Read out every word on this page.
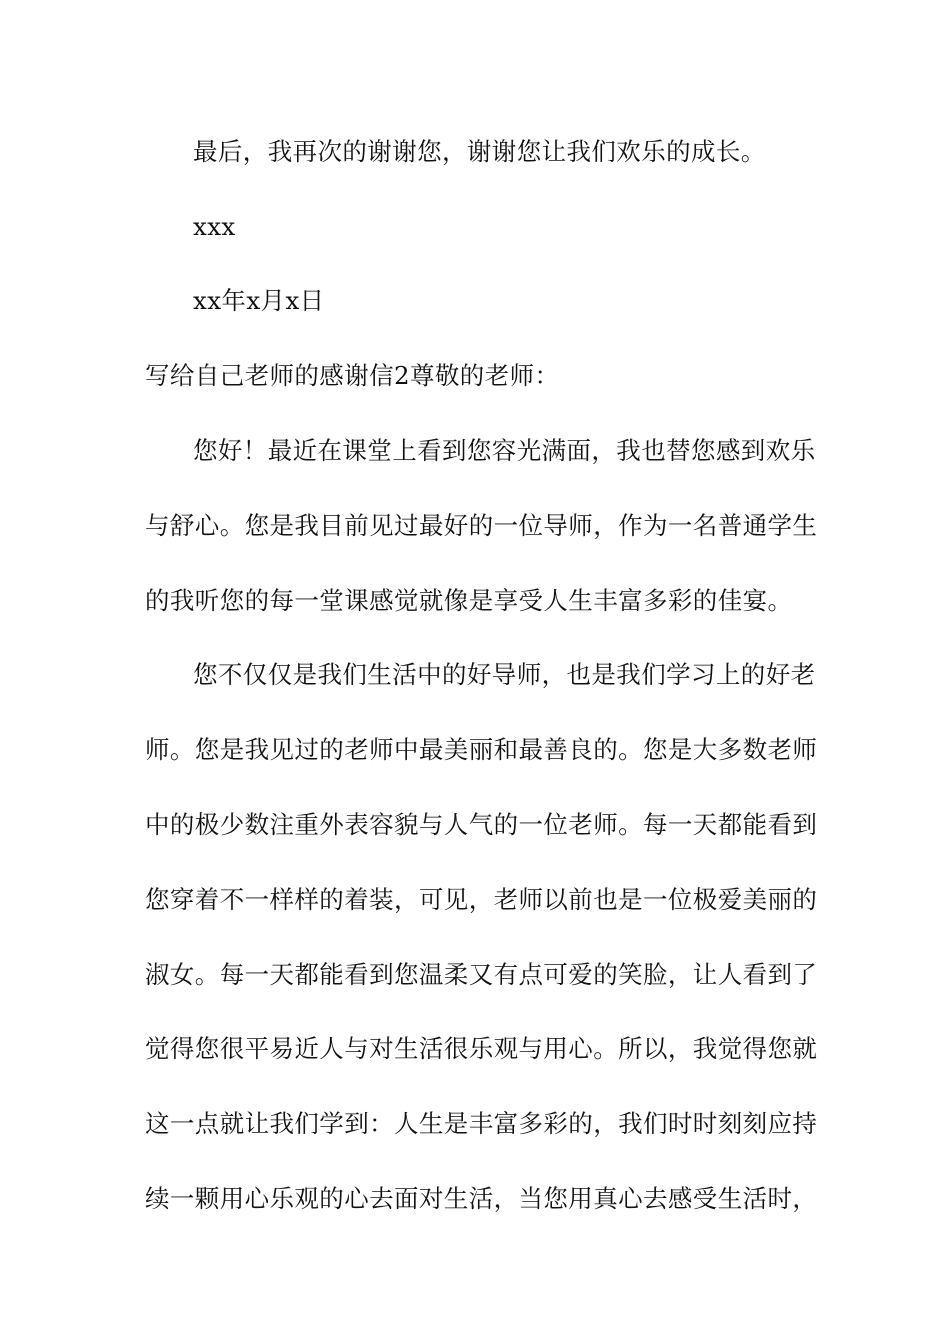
最后，我再次的谢谢您，谢谢您让我们欢乐的成长。
xxx
xx年x月x日
写给自己老师的感谢信2尊敬的老师：
您好！最近在课堂上看到您容光满面，我也替您感到欢乐
与舒心。您是我目前见过最好的一位导师，作为一名普通学生
的我听您的每一堂课感觉就像是享受人生丰富多彩的佳宴。
您不仅仅是我们生活中的好导师，也是我们学习上的好老
师。您是我见过的老师中最美丽和最善良的。您是大多数老师
中的极少数注重外表容貌与人气的一位老师。每一天都能看到
您穿着不一样样的着装，可见，老师以前也是一位极爱美丽的
淑女。每一天都能看到您温柔又有点可爱的笑脸，让人看到了
觉得您很平易近人与对生活很乐观与用心。所以，我觉得您就
这一点就让我们学到：人生是丰富多彩的，我们时时刻刻应持
续一颗用心乐观的心去面对生活，当您用真心去感受生活时，
